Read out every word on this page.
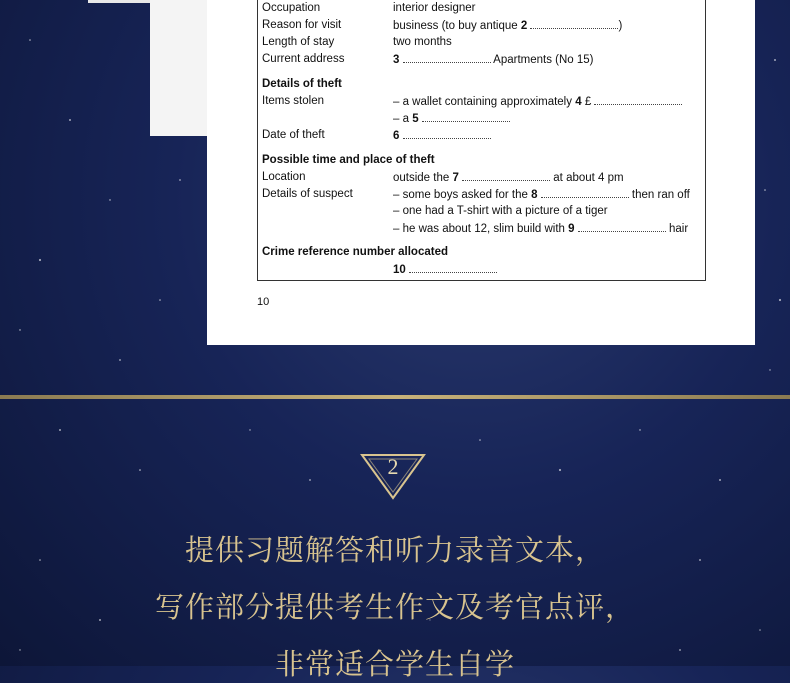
Occupation	interior designer
Reason for visit	business (to buy antique 2	)
Length of stay	two months
Current address	3	Apartments (No 15)
Details of theft
Items stolen	– a wallet containing approximately 4 £
– a 5
Date of theft	6
Possible time and place of theft
Location	outside the 7	at about 4 pm
Details of suspect	– some boys asked for the 8	then ran off
– one had a T-shirt with a picture of a tiger
– he was about 12, slim build with 9	hair
Crime reference number allocated
10
10
2
提供习题解答和听力录音文本，
写作部分提供考生作文及考官点评，
非常适合学生自学
